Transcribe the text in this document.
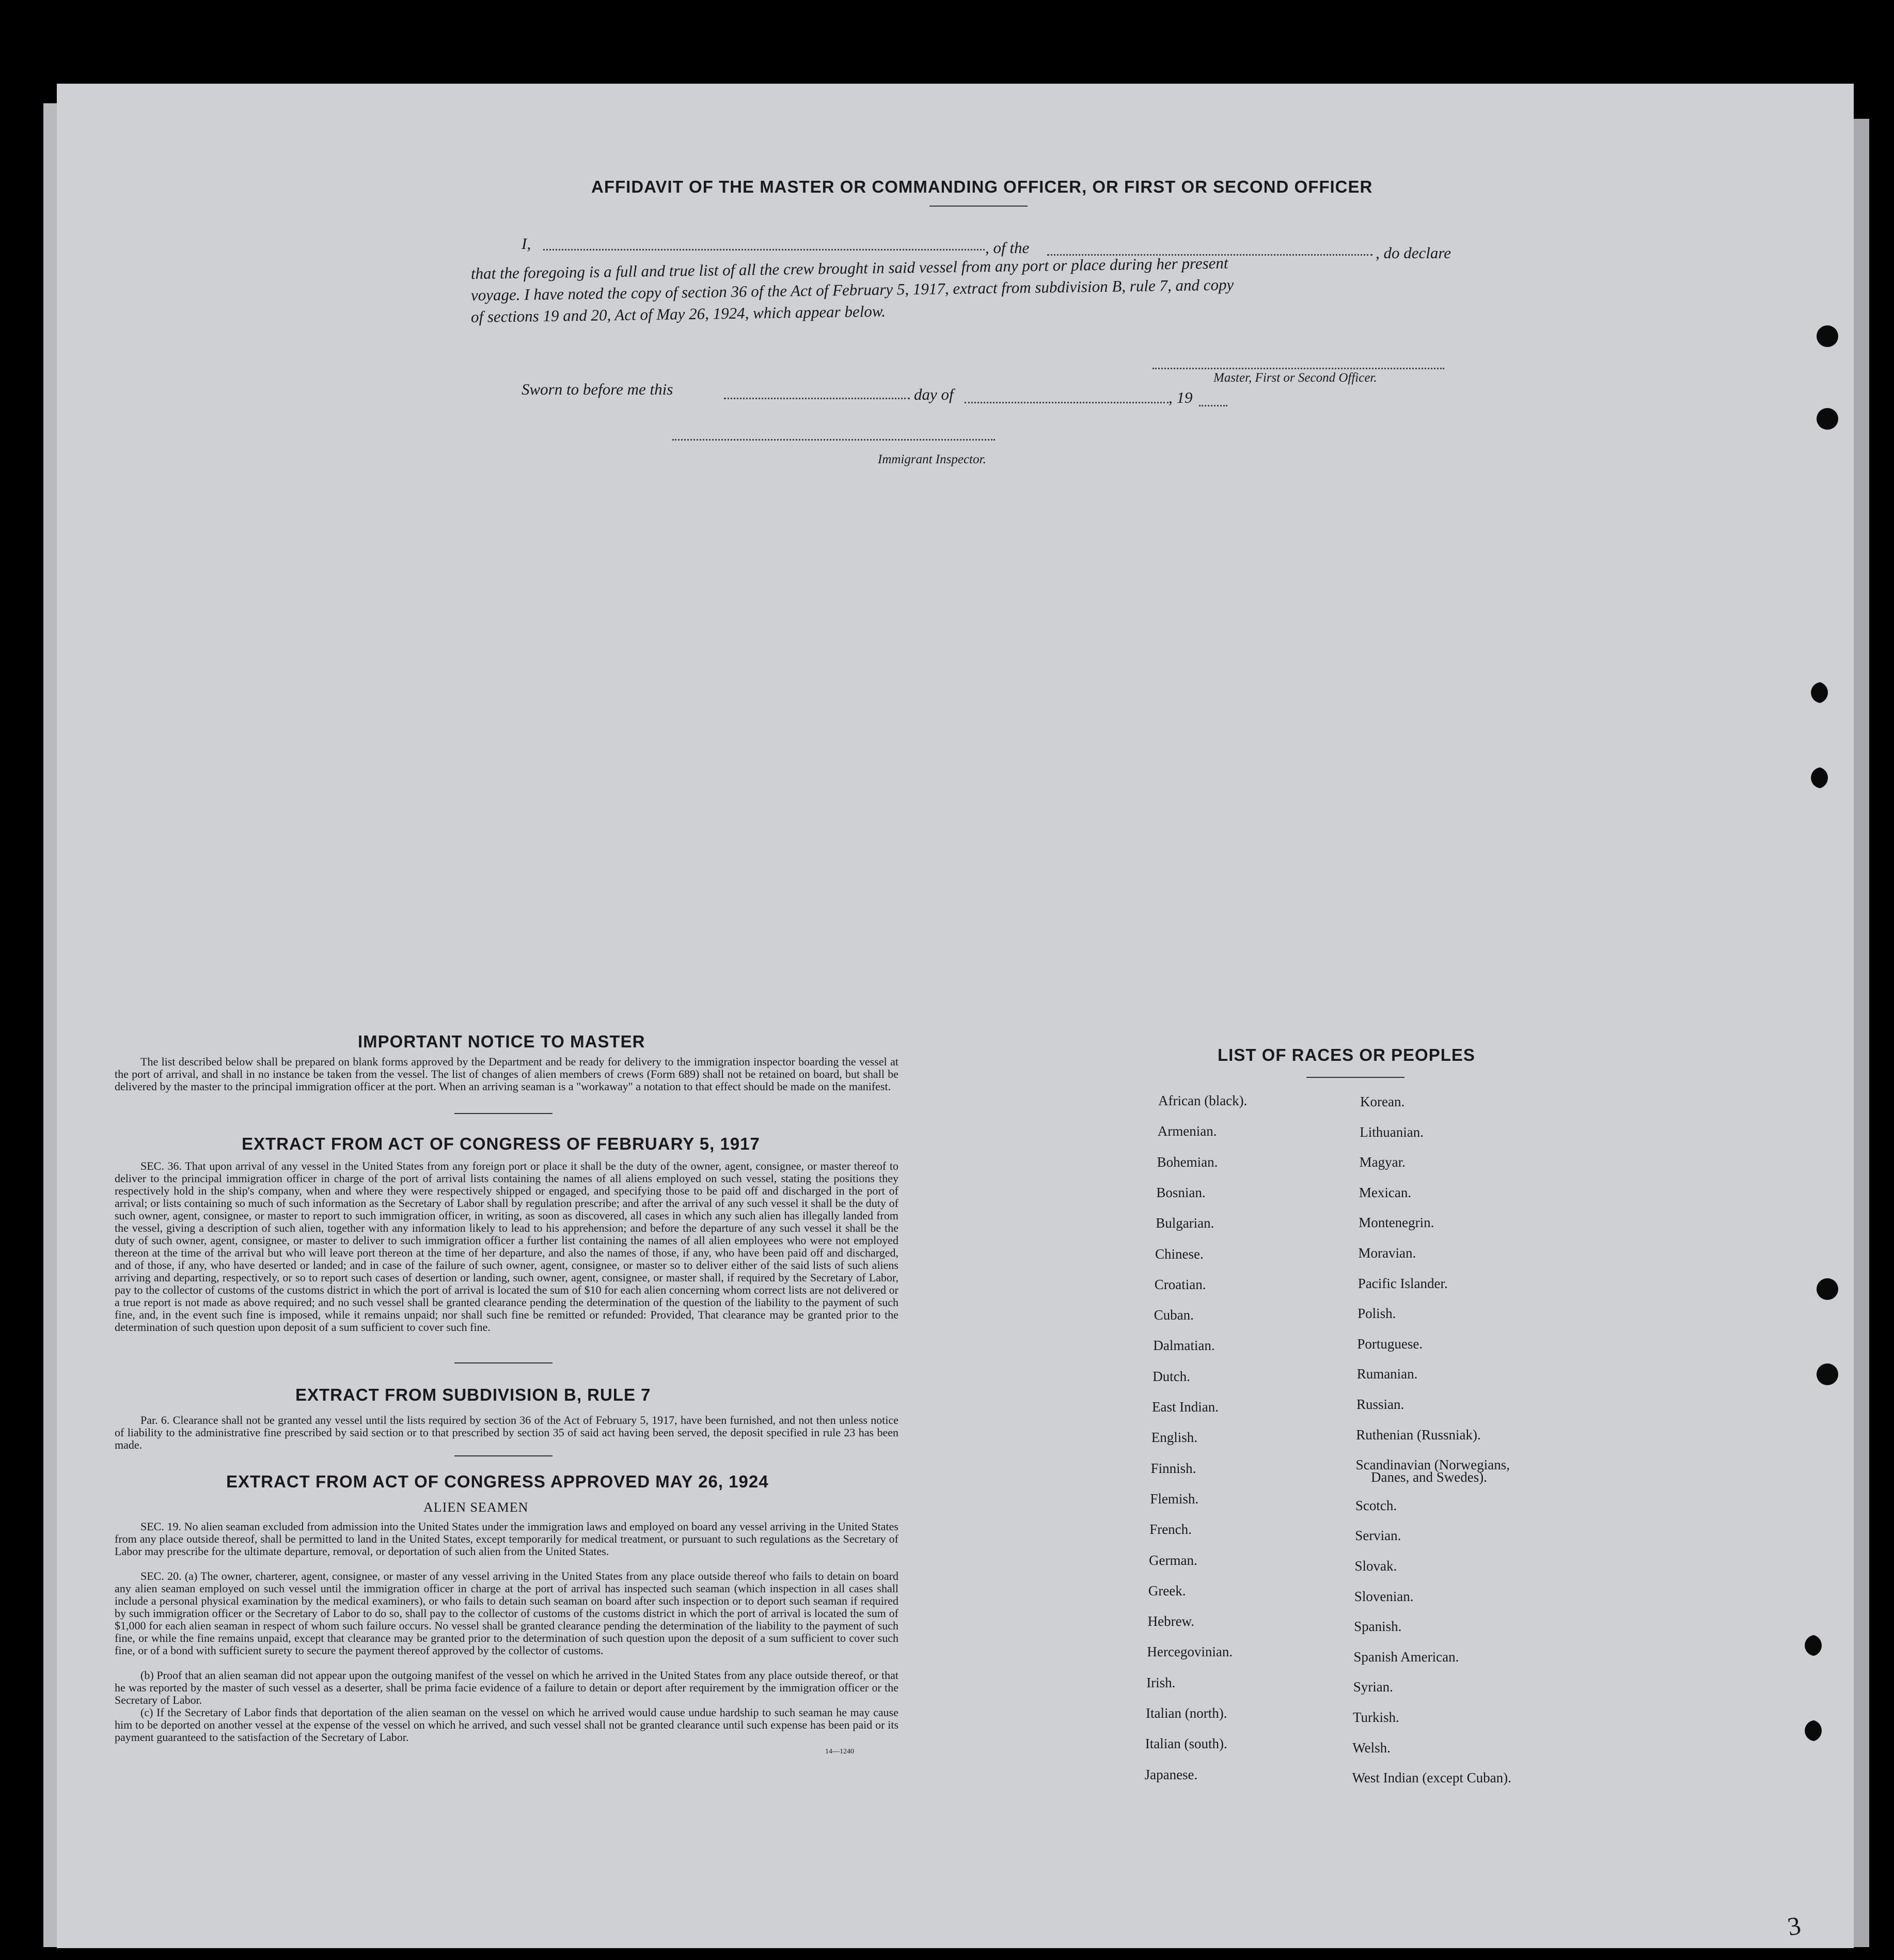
AFFIDAVIT OF THE MASTER OR COMMANDING OFFICER, OR FIRST OR SECOND OFFICER
I,	, of the	, do declare
that the foregoing is a full and true list of all the crew brought in said vessel from any port or place during her present
voyage. I have noted the copy of section 36 of the Act of February 5, 1917, extract from subdivision B, rule 7, and copy
of sections 19 and 20, Act of May 26, 1924, which appear below.
Master, First or Second Officer.
Sworn to before me this	day of	, 19
Immigrant Inspector.
IMPORTANT NOTICE TO MASTER
The list described below shall be prepared on blank forms approved by the Department and be ready for delivery to the immigration inspector boarding the vessel at the port of arrival, and shall in no instance be taken from the vessel. The list of changes of alien members of crews (Form 689) shall not be retained on board, but shall be delivered by the master to the principal immigration officer at the port. When an arriving seaman is a "workaway" a notation to that effect should be made on the manifest.
EXTRACT FROM ACT OF CONGRESS OF FEBRUARY 5, 1917
SEC. 36. That upon arrival of any vessel in the United States from any foreign port or place it shall be the duty of the owner, agent, consignee, or master thereof to deliver to the principal immigration officer in charge of the port of arrival lists containing the names of all aliens employed on such vessel, stating the positions they respectively hold in the ship's company, when and where they were respectively shipped or engaged, and specifying those to be paid off and discharged in the port of arrival; or lists containing so much of such information as the Secretary of Labor shall by regulation prescribe; and after the arrival of any such vessel it shall be the duty of such owner, agent, consignee, or master to report to such immigration officer, in writing, as soon as discovered, all cases in which any such alien has illegally landed from the vessel, giving a description of such alien, together with any information likely to lead to his apprehension; and before the departure of any such vessel it shall be the duty of such owner, agent, consignee, or master to deliver to such immigration officer a further list containing the names of all alien employees who were not employed thereon at the time of the arrival but who will leave port thereon at the time of her departure, and also the names of those, if any, who have been paid off and discharged, and of those, if any, who have deserted or landed; and in case of the failure of such owner, agent, consignee, or master so to deliver either of the said lists of such aliens arriving and departing, respectively, or so to report such cases of desertion or landing, such owner, agent, consignee, or master shall, if required by the Secretary of Labor, pay to the collector of customs of the customs district in which the port of arrival is located the sum of $10 for each alien concerning whom correct lists are not delivered or a true report is not made as above required; and no such vessel shall be granted clearance pending the determination of the question of the liability to the payment of such fine, and, in the event such fine is imposed, while it remains unpaid; nor shall such fine be remitted or refunded: Provided, That clearance may be granted prior to the determination of such question upon deposit of a sum sufficient to cover such fine.
EXTRACT FROM SUBDIVISION B, RULE 7
Par. 6. Clearance shall not be granted any vessel until the lists required by section 36 of the Act of February 5, 1917, have been furnished, and not then unless notice of liability to the administrative fine prescribed by said section or to that prescribed by section 35 of said act having been served, the deposit specified in rule 23 has been made.
EXTRACT FROM ACT OF CONGRESS APPROVED MAY 26, 1924
ALIEN SEAMEN
SEC. 19. No alien seaman excluded from admission into the United States under the immigration laws and employed on board any vessel arriving in the United States from any place outside thereof, shall be permitted to land in the United States, except temporarily for medical treatment, or pursuant to such regulations as the Secretary of Labor may prescribe for the ultimate departure, removal, or deportation of such alien from the United States.
SEC. 20. (a) The owner, charterer, agent, consignee, or master of any vessel arriving in the United States from any place outside thereof who fails to detain on board any alien seaman employed on such vessel until the immigration officer in charge at the port of arrival has inspected such seaman (which inspection in all cases shall include a personal physical examination by the medical examiners), or who fails to detain such seaman on board after such inspection or to deport such seaman if required by such immigration officer or the Secretary of Labor to do so, shall pay to the collector of customs of the customs district in which the port of arrival is located the sum of $1,000 for each alien seaman in respect of whom such failure occurs. No vessel shall be granted clearance pending the determination of the liability to the payment of such fine, or while the fine remains unpaid, except that clearance may be granted prior to the determination of such question upon the deposit of a sum sufficient to cover such fine, or of a bond with sufficient surety to secure the payment thereof approved by the collector of customs.
(b) Proof that an alien seaman did not appear upon the outgoing manifest of the vessel on which he arrived in the United States from any place outside thereof, or that he was reported by the master of such vessel as a deserter, shall be prima facie evidence of a failure to detain or deport after requirement by the immigration officer or the Secretary of Labor.
(c) If the Secretary of Labor finds that deportation of the alien seaman on the vessel on which he arrived would cause undue hardship to such seaman he may cause him to be deported on another vessel at the expense of the vessel on which he arrived, and such vessel shall not be granted clearance until such expense has been paid or its payment guaranteed to the satisfaction of the Secretary of Labor.
14—1240
LIST OF RACES OR PEOPLES
African (black).
Armenian.
Bohemian.
Bosnian.
Bulgarian.
Chinese.
Croatian.
Cuban.
Dalmatian.
Dutch.
East Indian.
English.
Finnish.
Flemish.
French.
German.
Greek.
Hebrew.
Hercegovinian.
Irish.
Italian (north).
Italian (south).
Japanese.
Korean.
Lithuanian.
Magyar.
Mexican.
Montenegrin.
Moravian.
Pacific Islander.
Polish.
Portuguese.
Rumanian.
Russian.
Ruthenian (Russniak).
Scandinavian (Norwegians,
Scotch.
Servian.
Slovak.
Slovenian.
Spanish.
Spanish American.
Syrian.
Turkish.
Welsh.
West Indian (except Cuban).
Danes, and Swedes).
3
